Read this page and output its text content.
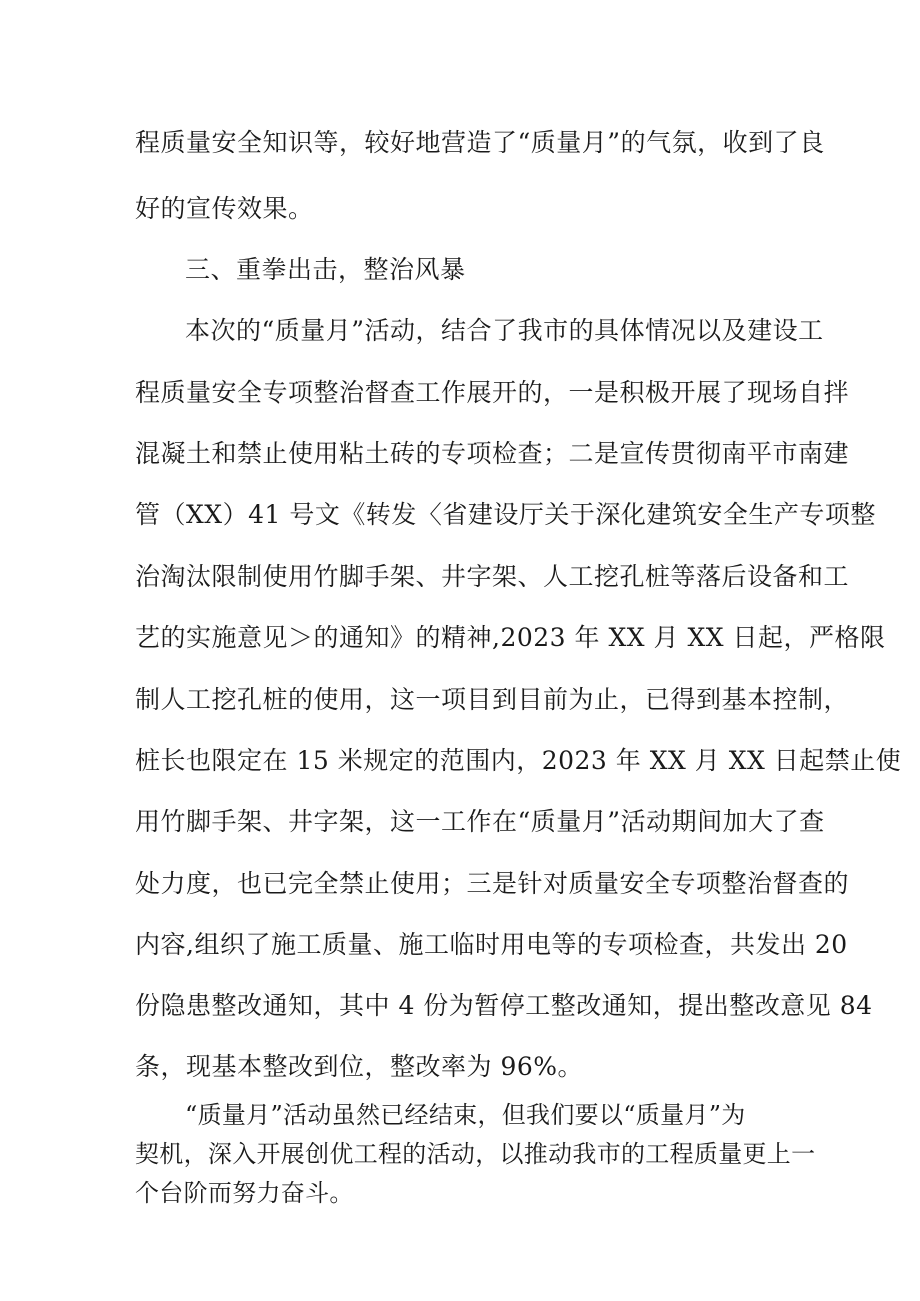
程质量安全知识等，较好地营造了“质量月”的气氛，收到了良
好的宣传效果。
三、重拳出击，整治风暴
本次的“质量月”活动，结合了我市的具体情况以及建设工
程质量安全专项整治督查工作展开的，一是积极开展了现场自拌
混凝土和禁止使用粘土砖的专项检查；二是宣传贯彻南平市南建
管（XX）41 号文《转发〈省建设厅关于深化建筑安全生产专项整
治淘汰限制使用竹脚手架、井字架、人工挖孔桩等落后设备和工
艺的实施意见＞的通知》的精神,2023 年 XX 月 XX 日起，严格限
制人工挖孔桩的使用，这一项目到目前为止，已得到基本控制，
桩长也限定在 15 米规定的范围内，2023 年 XX 月 XX 日起禁止使
用竹脚手架、井字架，这一工作在“质量月”活动期间加大了查
处力度，也已完全禁止使用；三是针对质量安全专项整治督查的
内容,组织了施工质量、施工临时用电等的专项检查，共发出 20
份隐患整改通知，其中 4 份为暂停工整改通知，提出整改意见 84
条，现基本整改到位，整改率为 96%。
“质量月”活动虽然已经结束，但我们要以“质量月”为
契机，深入开展创优工程的活动，以推动我市的工程质量更上一
个台阶而努力奋斗。
